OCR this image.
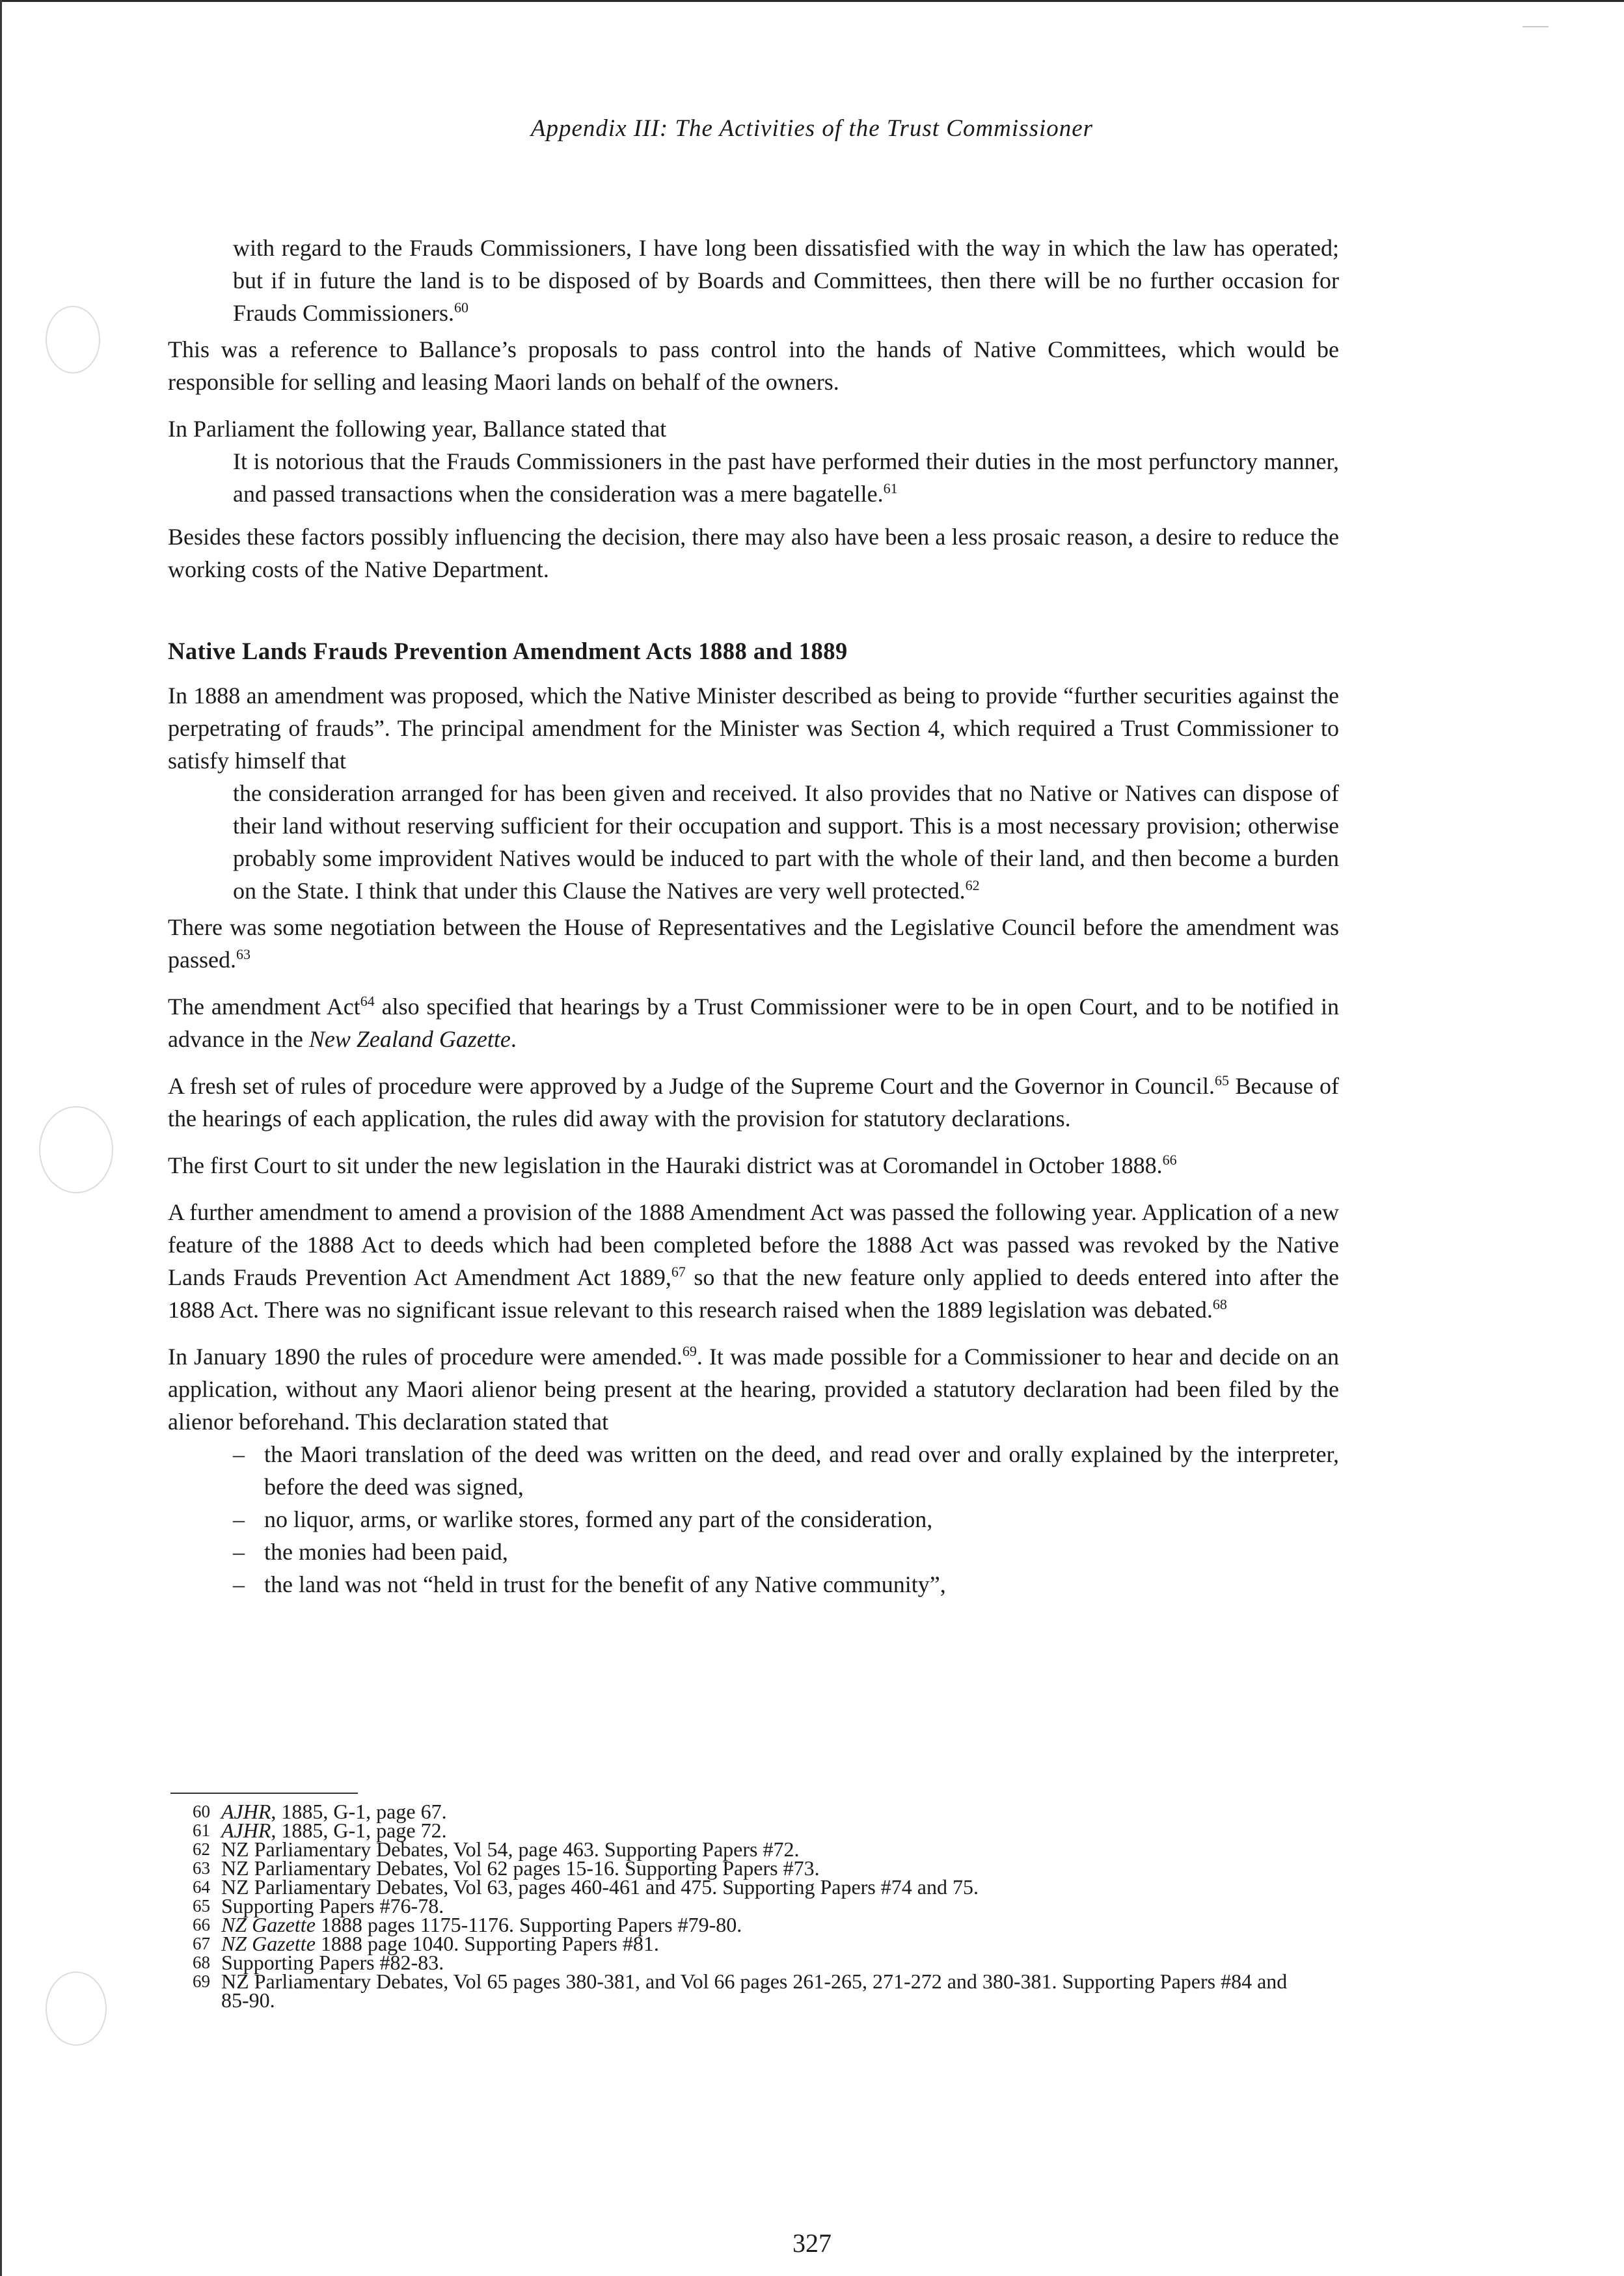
Appendix III: The Activities of the Trust Commissioner

with regard to the Frauds Commissioners, I have long been dissatisfied with the way in which the law has operated; but if in future the land is to be disposed of by Boards and Committees, then there will be no further occasion for Frauds Commissioners.$^{60}$

This was a reference to Ballance’s proposals to pass control into the hands of Native Committees, which would be responsible for selling and leasing Maori lands on behalf of the owners.

In Parliament the following year, Ballance stated that

It is notorious that the Frauds Commissioners in the past have performed their duties in the most perfunctory manner, and passed transactions when the consideration was a mere bagatelle.$^{61}$

Besides these factors possibly influencing the decision, there may also have been a less prosaic reason, a desire to reduce the working costs of the Native Department.

Native Lands Frauds Prevention Amendment Acts 1888 and 1889

In 1888 an amendment was proposed, which the Native Minister described as being to provide “further securities against the perpetrating of frauds”. The principal amendment for the Minister was Section 4, which required a Trust Commissioner to satisfy himself that

the consideration arranged for has been given and received. It also provides that no Native or Natives can dispose of their land without reserving sufficient for their occupation and support. This is a most necessary provision; otherwise probably some improvident Natives would be induced to part with the whole of their land, and then become a burden on the State. I think that under this Clause the Natives are very well protected.$^{62}$

There was some negotiation between the House of Representatives and the Legislative Council before the amendment was passed.$^{63}$

The amendment Act$^{64}$ also specified that hearings by a Trust Commissioner were to be in open Court, and to be notified in advance in the New Zealand Gazette.

A fresh set of rules of procedure were approved by a Judge of the Supreme Court and the Governor in Council.$^{65}$ Because of the hearings of each application, the rules did away with the provision for statutory declarations.

The first Court to sit under the new legislation in the Hauraki district was at Coromandel in October 1888.66

A further amendment to amend a provision of the 1888 Amendment Act was passed the following year. Application of a new feature of the 1888 Act to deeds which had been completed before the 1888 Act was passed was revoked by the Native Lands Frauds Prevention Act Amendment Act 1889,67 so that the new feature only applied to deeds entered into after the 1888 Act. There was no significant issue relevant to this research raised when the 1889 legislation was debated.$^{68}$

In January 1890 the rules of procedure were amended.$^{69}$. It was made possible for a Commissioner to hear and decide on an application, without any Maori alienor being present at the hearing, provided a statutory declaration had been filed by the alienor beforehand. This declaration stated that

– the Maori translation of the deed was written on the deed, and read over and orally explained by the interpreter, before the deed was signed,
– no liquor, arms, or warlike stores, formed any part of the consideration,
– the monies had been paid,
– the land was not “held in trust for the benefit of any Native community”,
60 AJHR, 1885, G-1, page 67.
61 AJHR, 1885, G-1, page 72.
62 NZ Parliamentary Debates, Vol 54, page 463. Supporting Papers #72.
63 NZ Parliamentary Debates, Vol 62 pages 15-16. Supporting Papers #73.
64 NZ Parliamentary Debates, Vol 63, pages 460-461 and 475. Supporting Papers #74 and 75.
65 Supporting Papers #76-78.
66 NZ Gazette 1888 pages 1175-1176. Supporting Papers #79-80.
67 NZ Gazette 1888 page 1040. Supporting Papers #81.
68 Supporting Papers #82-83.
69 NZ Parliamentary Debates, Vol 65 pages 380-381, and Vol 66 pages 261-265, 271-272 and 380-381. Supporting Papers #84 and 85-90.
327
